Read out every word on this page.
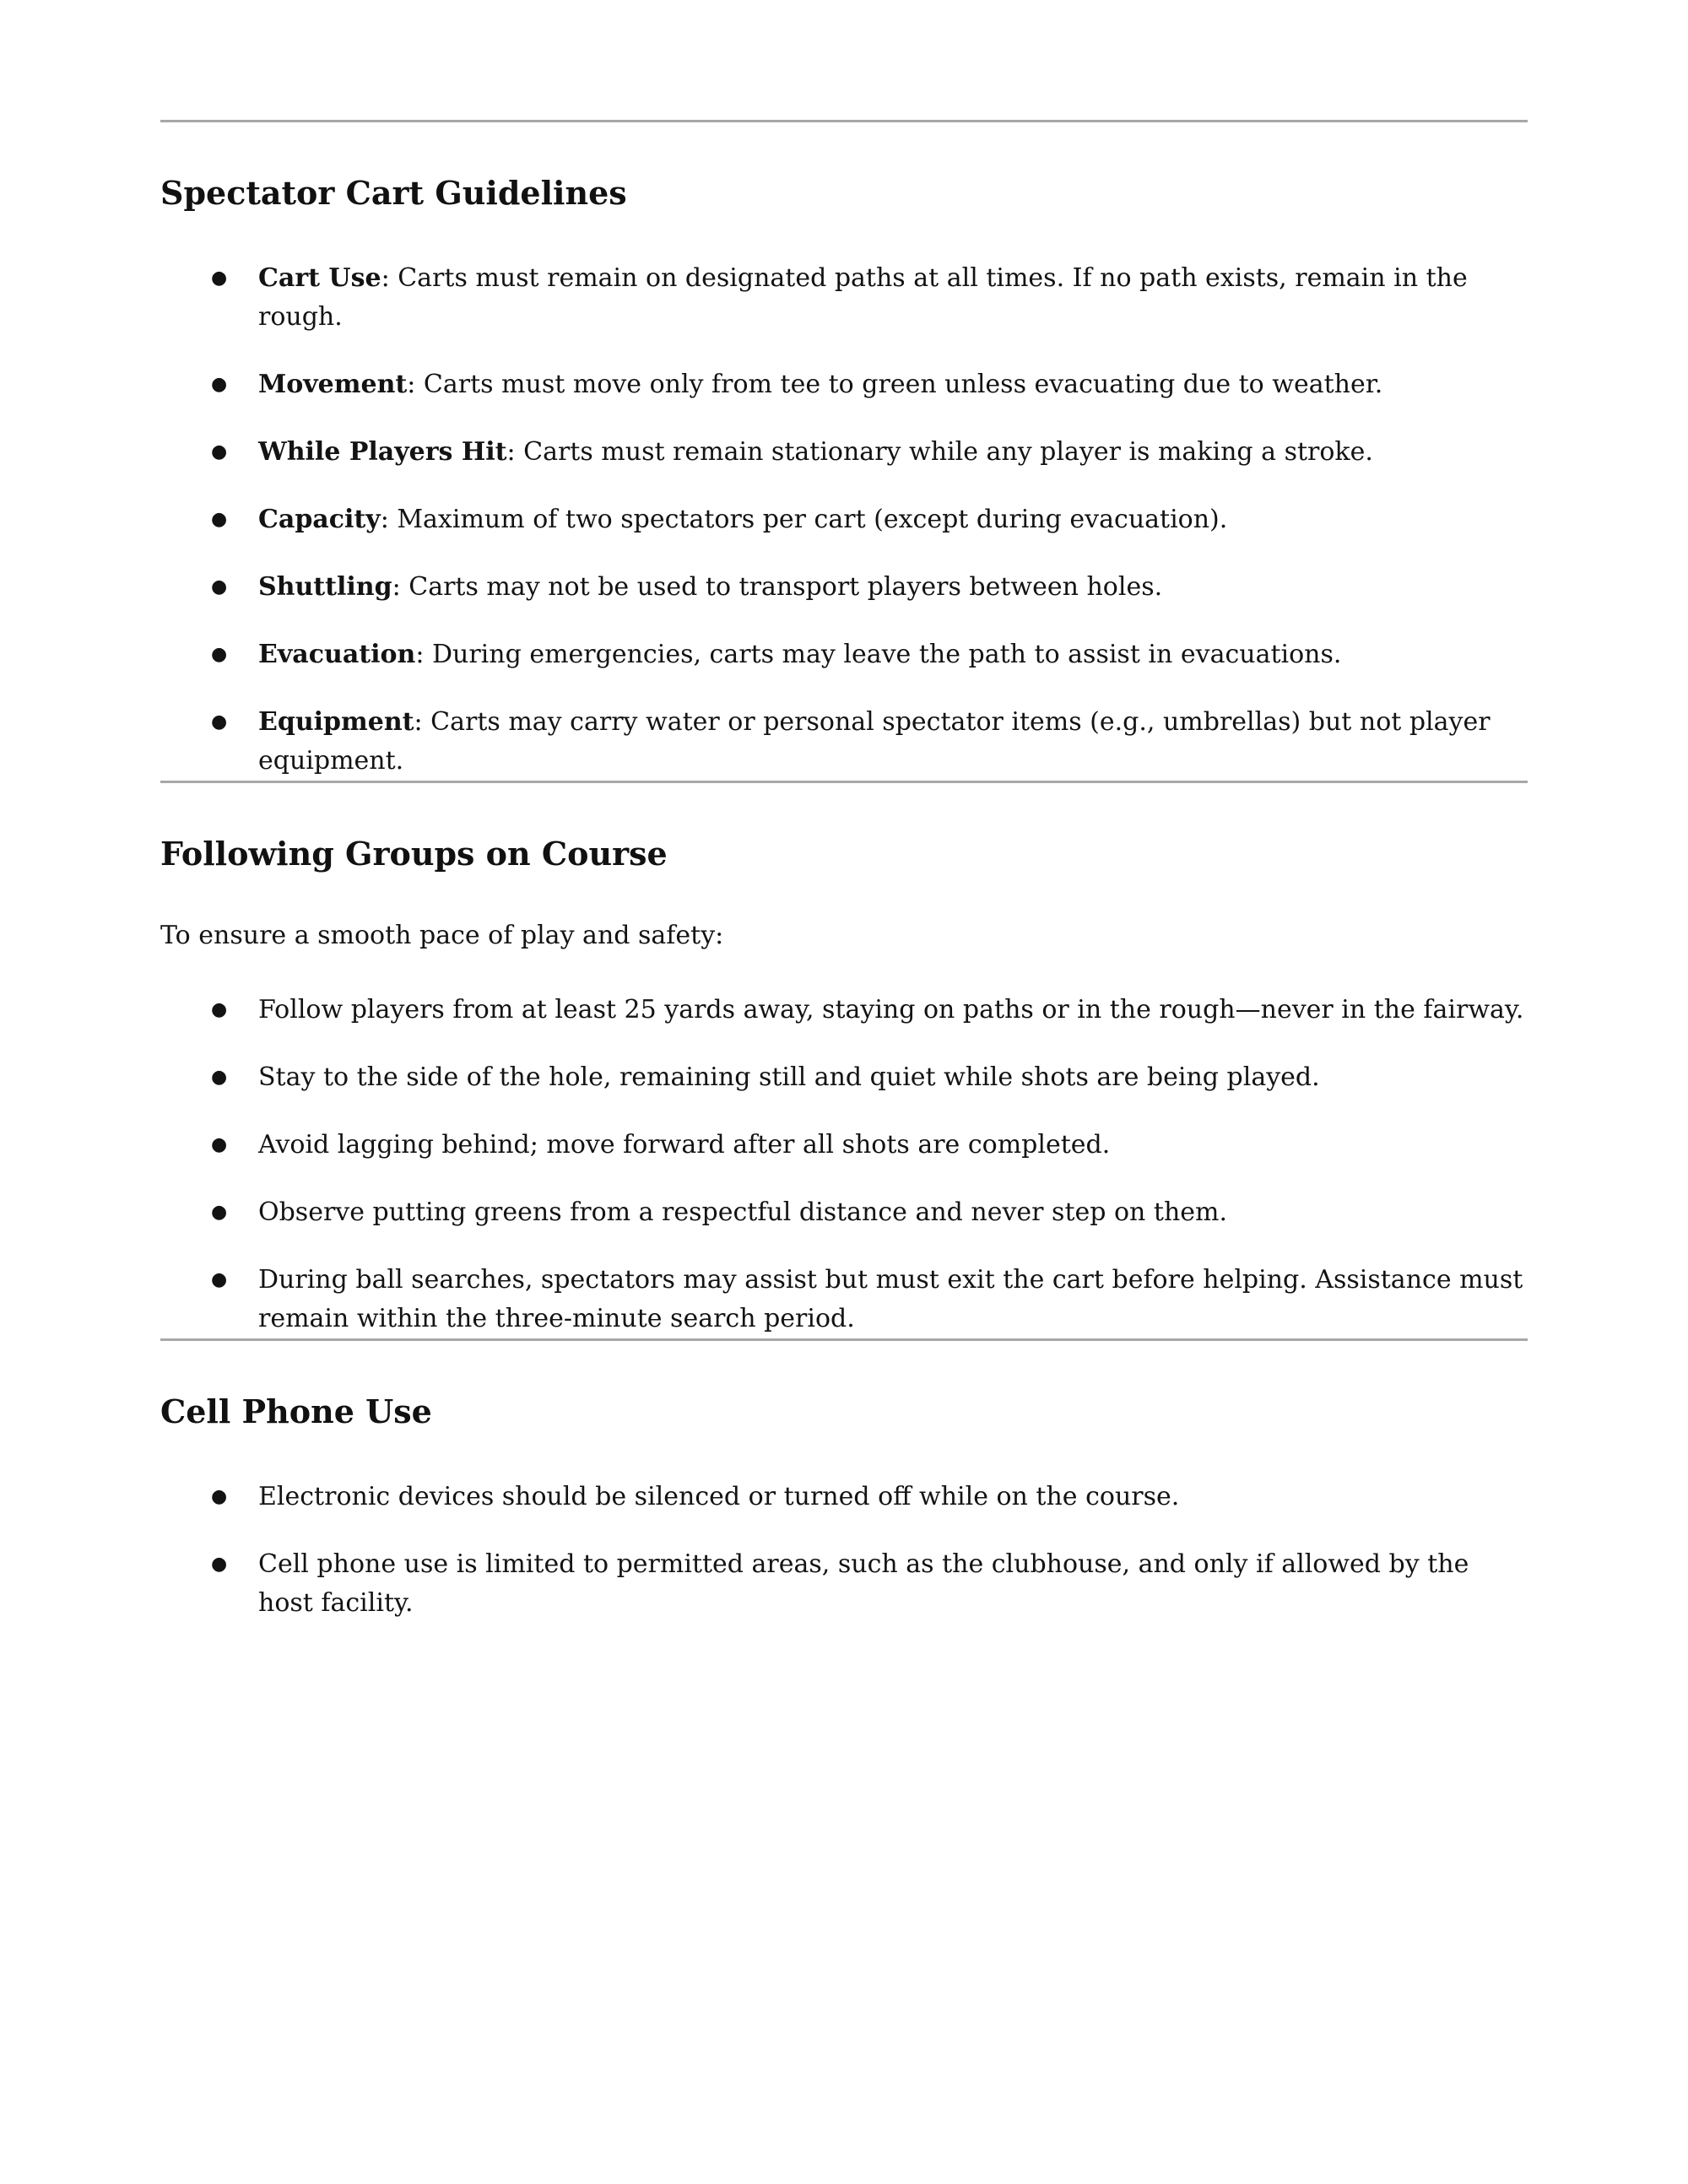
Spectator Cart Guidelines
● Cart Use: Carts must remain on designated paths at all times. If no path exists, remain in the rough.
● Movement: Carts must move only from tee to green unless evacuating due to weather.
● While Players Hit: Carts must remain stationary while any player is making a stroke.
● Capacity: Maximum of two spectators per cart (except during evacuation).
● Shuttling: Carts may not be used to transport players between holes.
● Evacuation: During emergencies, carts may leave the path to assist in evacuations.
● Equipment: Carts may carry water or personal spectator items (e.g., umbrellas) but not player equipment.
Following Groups on Course

To ensure a smooth pace of play and safety:

● Follow players from at least 25 yards away, staying on paths or in the rough—never in the fairway.
● Stay to the side of the hole, remaining still and quiet while shots are being played.
● Avoid lagging behind; move forward after all shots are completed.
● Observe putting greens from a respectful distance and never step on them.
● During ball searches, spectators may assist but must exit the cart before helping. Assistance must remain within the three-minute search period.
Cell Phone Use
● Electronic devices should be silenced or turned off while on the course.
● Cell phone use is limited to permitted areas, such as the clubhouse, and only if allowed by the host facility.
